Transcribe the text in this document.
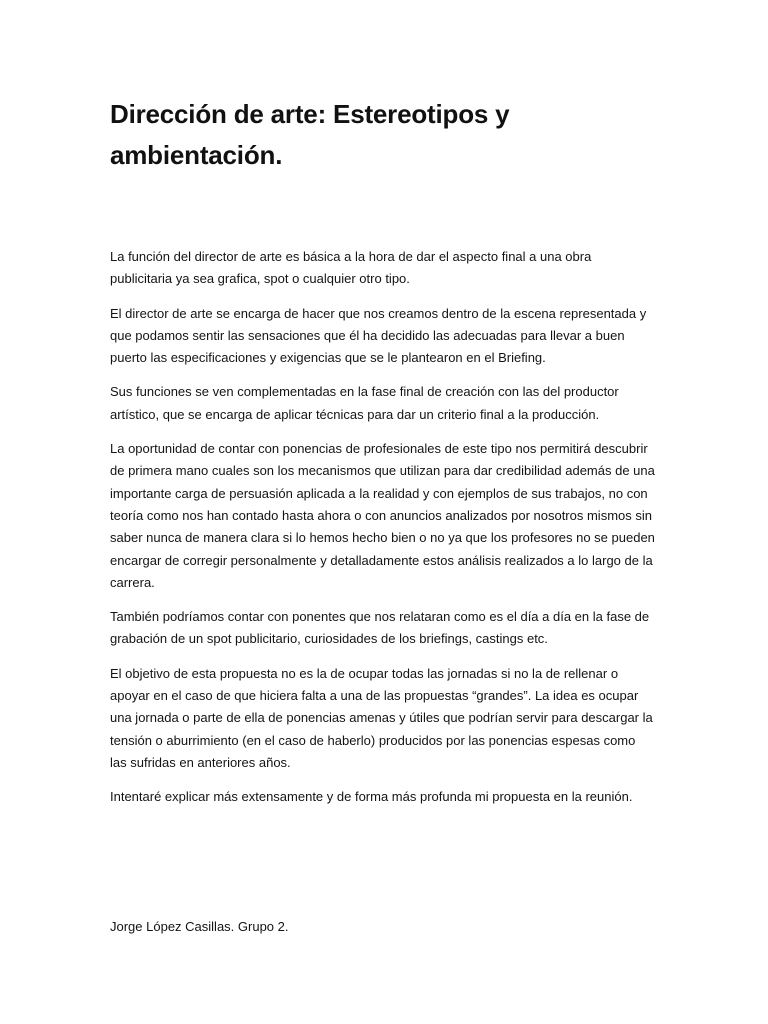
Dirección de arte: Estereotipos y ambientación.

La función del director de arte es básica a la hora de dar el aspecto final a una obra publicitaria ya sea grafica, spot o cualquier otro tipo.

El director de arte se encarga de hacer que nos creamos dentro de la escena representada y que podamos sentir las sensaciones que él ha decidido las adecuadas para llevar a buen puerto las especificaciones y exigencias que se le plantearon en el Briefing.

Sus funciones se ven complementadas en la fase final de creación con las del productor artístico, que se encarga de aplicar técnicas para dar un criterio final a la producción.

La oportunidad de contar con ponencias de profesionales de este tipo nos permitirá descubrir de primera mano cuales son los mecanismos que utilizan para dar credibilidad además de una importante carga de persuasión aplicada a la realidad y con ejemplos de sus trabajos, no con teoría como nos han contado hasta ahora o con anuncios analizados por nosotros mismos sin saber nunca de manera clara si lo hemos hecho bien o no ya que los profesores no se pueden encargar de corregir personalmente y detalladamente estos análisis realizados a lo largo de la carrera.

También podríamos contar con ponentes que nos relataran como es el día a día en la fase de grabación de un spot publicitario, curiosidades de los briefings, castings etc.

El objetivo de esta propuesta no es la de ocupar todas las jornadas si no la de rellenar o apoyar en el caso de que hiciera falta a una de las propuestas “grandes”. La idea es ocupar una jornada o parte de ella de ponencias amenas y útiles que podrían servir para descargar la tensión o aburrimiento (en el caso de haberlo) producidos por las ponencias espesas como las sufridas en anteriores años.

Intentaré explicar más extensamente y de forma más profunda mi propuesta en la reunión.

Jorge López Casillas. Grupo 2.
